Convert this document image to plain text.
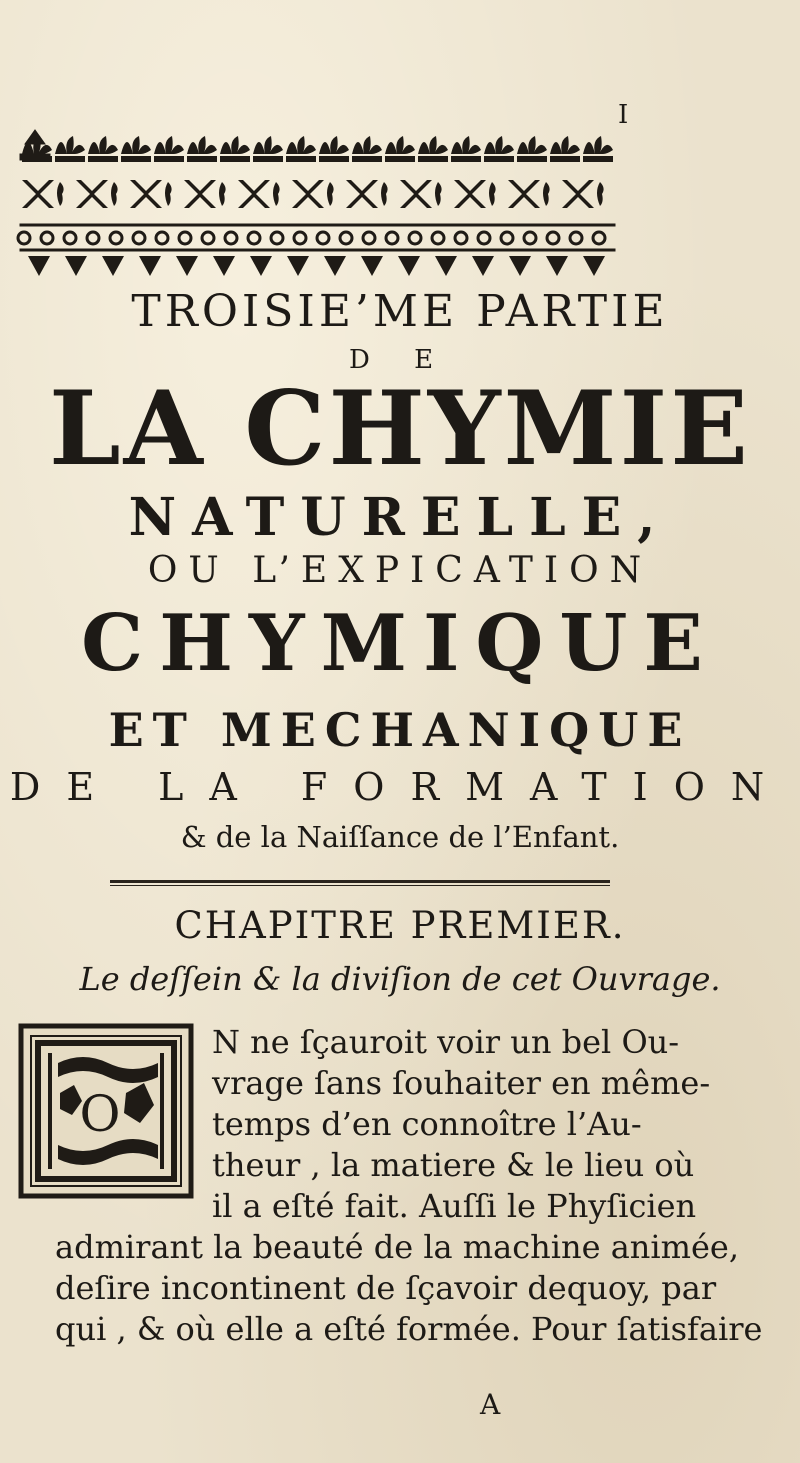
I
TROISIE’ME PARTIE
D E
LA CHYMIE
NATURELLE,
OU L’EXPICATION
CHYMIQUE
ET MECHANIQUE
DE LA FORMATION
& de la Naiſſance de l’Enfant.
CHAPITRE PREMIER.
Le deſſein & la diviſion de cet Ouvrage.
O
N ne ſçauroit voir un bel Ou-
vrage ſans ſouhaiter en même-
temps d’en connoître l’Au-
theur , la matiere & le lieu où
il a eſté fait. Auſſi le Phyſicien
admirant la beauté de la machine animée,
deſire incontinent de ſçavoir dequoy, par
qui , & où elle a eſté formée. Pour ſatisfaire
A
